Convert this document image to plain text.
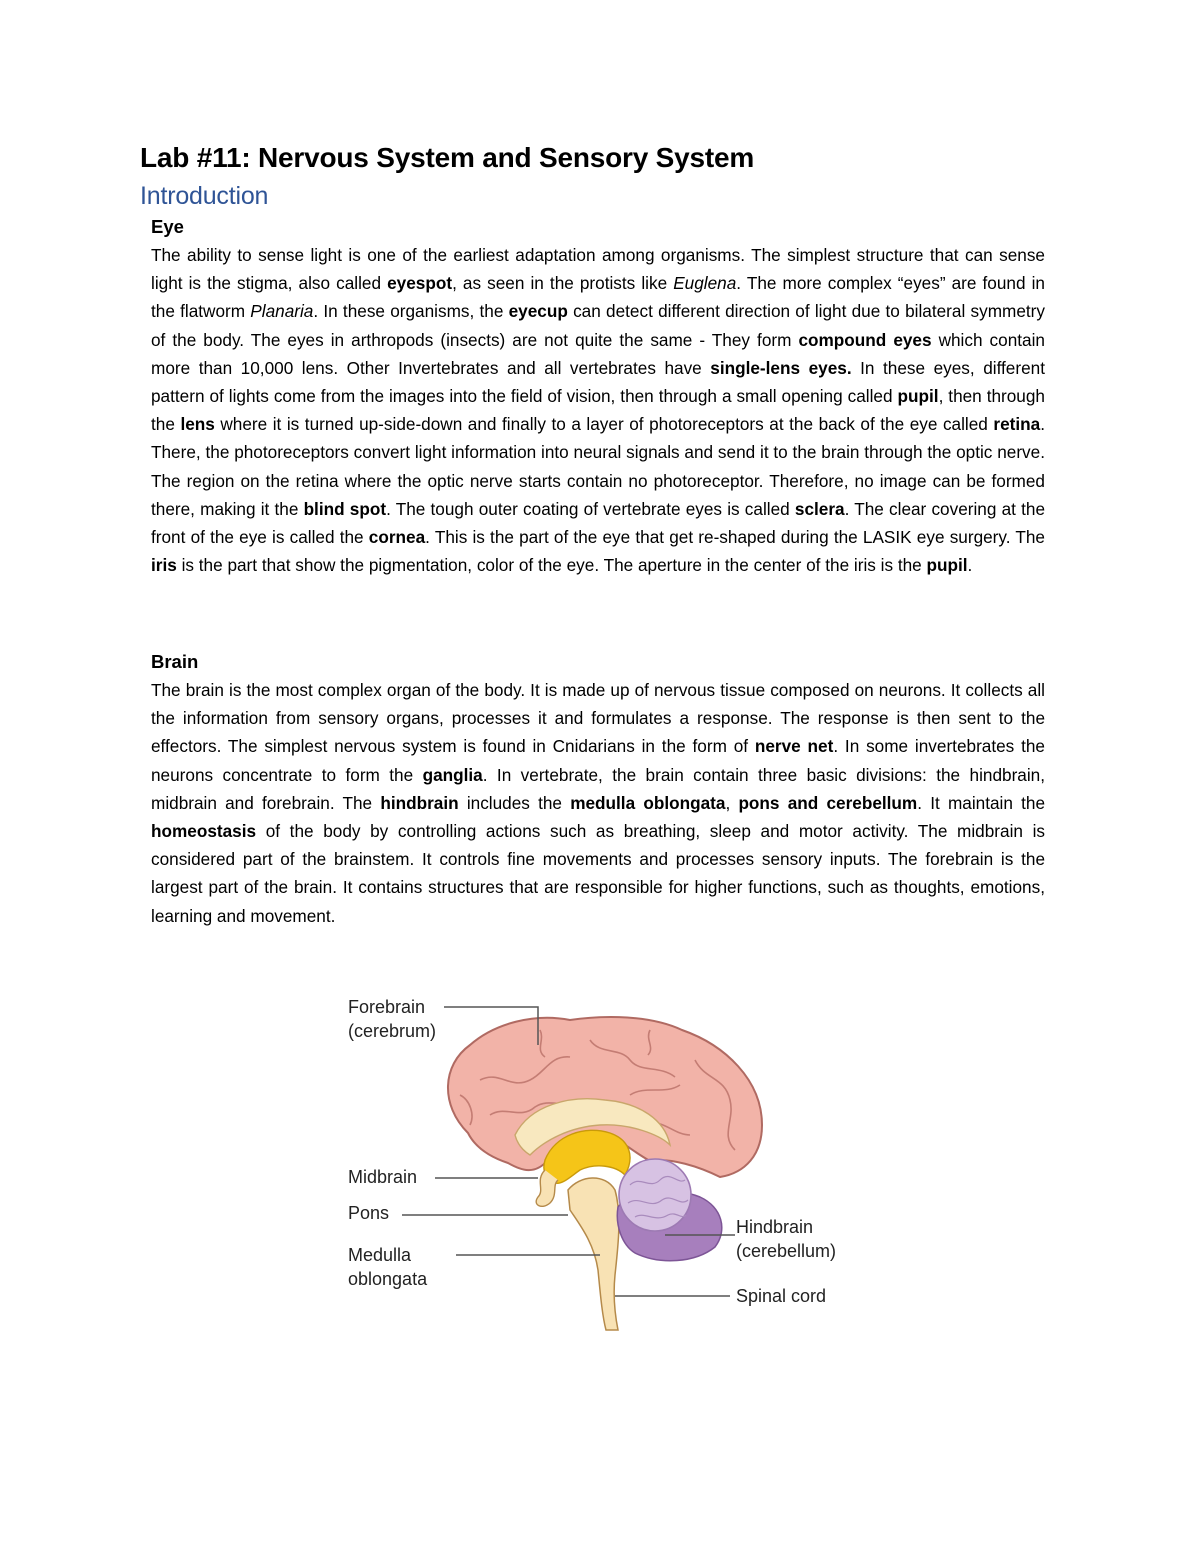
Lab #11: Nervous System and Sensory System
Introduction
Eye
The ability to sense light is one of the earliest adaptation among organisms. The simplest structure that can sense light is the stigma, also called eyespot, as seen in the protists like Euglena. The more complex “eyes” are found in the flatworm Planaria. In these organisms, the eyecup can detect different direction of light due to bilateral symmetry of the body. The eyes in arthropods (insects) are not quite the same - They form compound eyes which contain more than 10,000 lens. Other Invertebrates and all vertebrates have single-lens eyes. In these eyes, different pattern of lights come from the images into the field of vision, then through a small opening called pupil, then through the lens where it is turned up-side-down and finally to a layer of photoreceptors at the back of the eye called retina. There, the photoreceptors convert light information into neural signals and send it to the brain through the optic nerve. The region on the retina where the optic nerve starts contain no photoreceptor. Therefore, no image can be formed there, making it the blind spot. The tough outer coating of vertebrate eyes is called sclera. The clear covering at the front of the eye is called the cornea. This is the part of the eye that get re-shaped during the LASIK eye surgery. The iris is the part that show the pigmentation, color of the eye. The aperture in the center of the iris is the pupil.
Brain
The brain is the most complex organ of the body. It is made up of nervous tissue composed on neurons. It collects all the information from sensory organs, processes it and formulates a response. The response is then sent to the effectors. The simplest nervous system is found in Cnidarians in the form of nerve net. In some invertebrates the neurons concentrate to form the ganglia. In vertebrate, the brain contain three basic divisions: the hindbrain, midbrain and forebrain. The hindbrain includes the medulla oblongata, pons and cerebellum. It maintain the homeostasis of the body by controlling actions such as breathing, sleep and motor activity. The midbrain is considered part of the brainstem. It controls fine movements and processes sensory inputs. The forebrain is the largest part of the brain. It contains structures that are responsible for higher functions, such as thoughts, emotions, learning and movement.
Forebrain
(cerebrum)
Midbrain
Pons
Medulla
oblongata
Hindbrain
(cerebellum)
Spinal cord
